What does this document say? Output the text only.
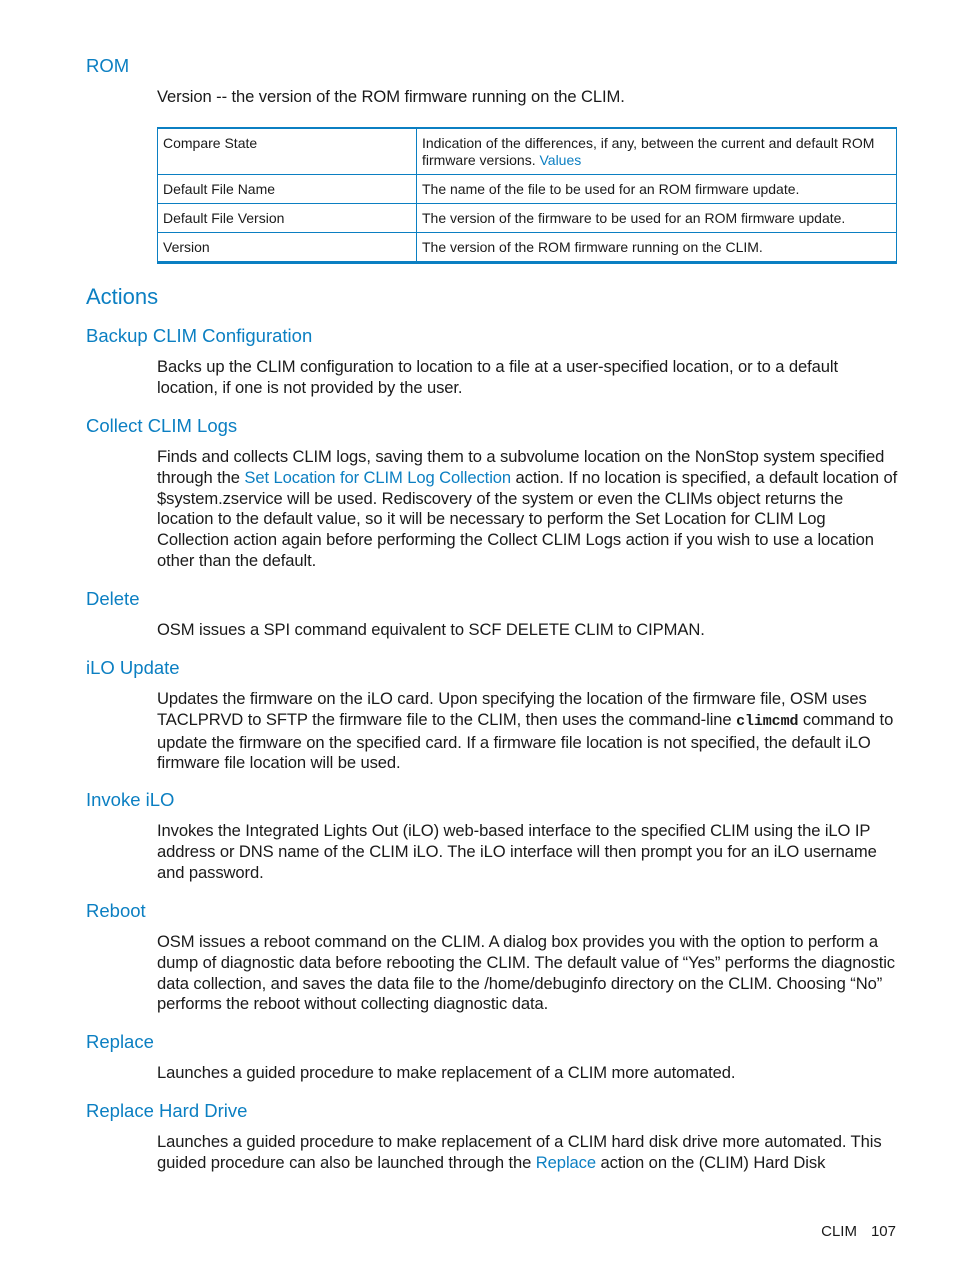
ROM

Version -- the version of the ROM firmware running on the CLIM.

Compare State	Indication of the differences, if any, between the current and default ROM firmware versions. Values
Default File Name	The name of the file to be used for an ROM firmware update.
Default File Version	The version of the firmware to be used for an ROM firmware update.
Version	The version of the ROM firmware running on the CLIM.
Actions
Backup CLIM Configuration

Backs up the CLIM configuration to location to a file at a user-specified location, or to a default location, if one is not provided by the user.

Collect CLIM Logs

Finds and collects CLIM logs, saving them to a subvolume location on the NonStop system specified through the Set Location for CLIM Log Collection action. If no location is specified, a default location of $system.zservice will be used. Rediscovery of the system or even the CLIMs object returns the location to the default value, so it will be necessary to perform the Set Location for CLIM Log Collection action again before performing the Collect CLIM Logs action if you wish to use a location other than the default.

Delete

OSM issues a SPI command equivalent to SCF DELETE CLIM to CIPMAN.

iLO Update

Updates the firmware on the iLO card. Upon specifying the location of the firmware file, OSM uses TACLPRVD to SFTP the firmware file to the CLIM, then uses the command-line climcmd command to update the firmware on the specified card. If a firmware file location is not specified, the default iLO firmware file location will be used.

Invoke iLO

Invokes the Integrated Lights Out (iLO) web-based interface to the specified CLIM using the iLO IP address or DNS name of the CLIM iLO. The iLO interface will then prompt you for an iLO username and password.

Reboot

OSM issues a reboot command on the CLIM. A dialog box provides you with the option to perform a dump of diagnostic data before rebooting the CLIM. The default value of “Yes” performs the diagnostic data collection, and saves the data file to the /home/debuginfo directory on the CLIM. Choosing “No” performs the reboot without collecting diagnostic data.

Replace

Launches a guided procedure to make replacement of a CLIM more automated.

Replace Hard Drive

Launches a guided procedure to make replacement of a CLIM hard disk drive more automated. This guided procedure can also be launched through the Replace action on the (CLIM) Hard Disk

CLIM 107
